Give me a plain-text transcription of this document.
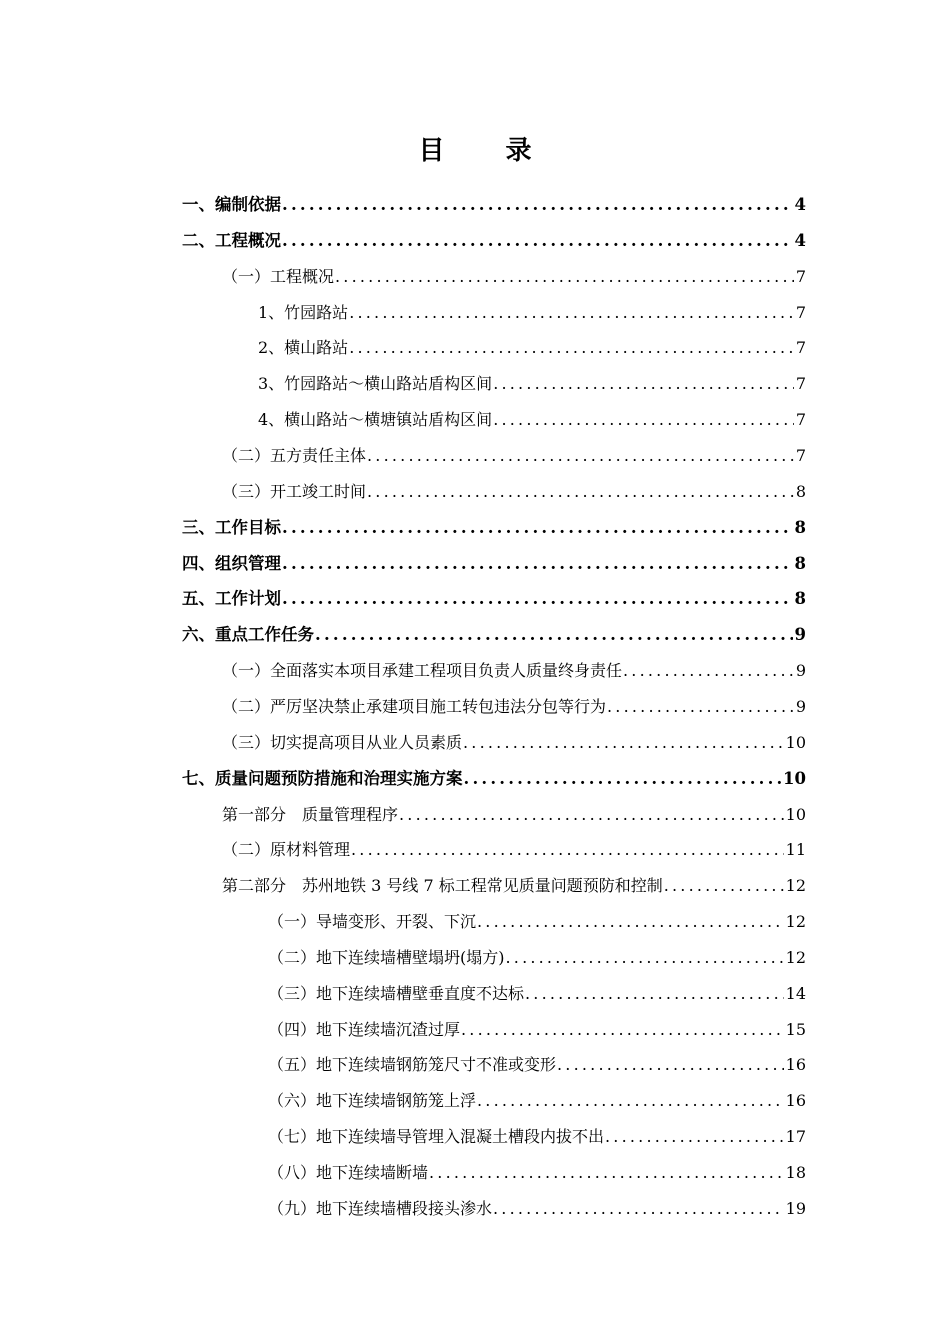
目 录
一、编制依据 .....	4
二、工程概况 .....	4
（一）工程概况 .....	7
1、竹园路站 .....	7
2、横山路站 .....	7
3、竹园路站～横山路站盾构区间 .....	7
4、横山路站～横塘镇站盾构区间 .....	7
（二）五方责任主体 .....	7
（三）开工竣工时间 .....	8
三、工作目标 .....	8
四、组织管理 .....	8
五、工作计划 .....	8
六、重点工作任务 .....	9
（一）全面落实本项目承建工程项目负责人质量终身责任 .....	9
（二）严厉坚决禁止承建项目施工转包违法分包等行为 .....	9
（三）切实提高项目从业人员素质 .....	10
七、质量问题预防措施和治理实施方案 .....	10
第一部分　质量管理程序 .....	10
（二）原材料管理 .....	11
第二部分　苏州地铁 3 号线 7 标工程常见质量问题预防和控制 .....	12
（一）导墙变形、开裂、下沉 .....	12
（二）地下连续墙槽壁塌坍(塌方) .....	12
（三）地下连续墙槽壁垂直度不达标 .....	14
（四）地下连续墙沉渣过厚 .....	15
（五）地下连续墙钢筋笼尺寸不准或变形 .....	16
（六）地下连续墙钢筋笼上浮 .....	16
（七）地下连续墙导管埋入混凝土槽段内拔不出 .....	17
（八）地下连续墙断墙 .....	18
（九）地下连续墙槽段接头渗水 .....	19
